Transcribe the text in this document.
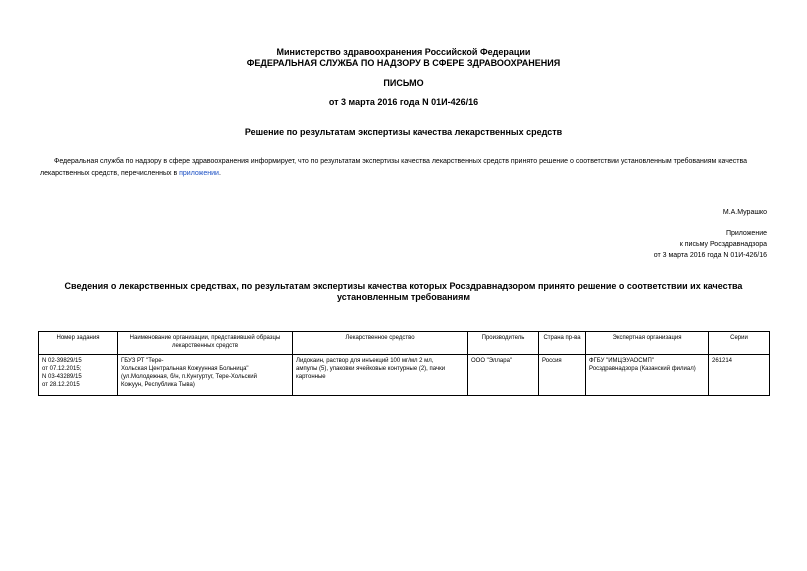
Министерство здравоохранения Российской Федерации
ФЕДЕРАЛЬНАЯ СЛУЖБА ПО НАДЗОРУ В СФЕРЕ ЗДРАВООХРАНЕНИЯ
ПИСЬМО
от 3 марта 2016 года N 01И-426/16
Решение по результатам экспертизы качества лекарственных средств
Федеральная служба по надзору в сфере здравоохранения информирует, что по результатам экспертизы качества лекарственных средств принято решение о соответствии установленным требованиям качества лекарственных средств, перечисленных в приложении.
М.А.Мурашко
Приложение
к письму Росздравнадзора
от 3 марта 2016 года N 01И-426/16
Сведения о лекарственных средствах, по результатам экспертизы качества которых Росздравнадзором принято решение о соответствии их качества установленным требованиям
Номер задания	Наименование организации, представившей образцы лекарственных средств	Лекарственное средство	Производитель	Страна пр-ва	Экспертная организация	Серии
N 02-39829/15
от 07.12.2015;
N 03-43289/15
от 28.12.2015	ГБУЗ РТ "Тере-
Хольская Центральная Кожуунная Больница"
(ул.Молодежная, б/н, п.Кунгуртуг, Тере-Хольский
Кожуун, Республика Тыва)	Лидокаин, раствор для инъекций 100 мг/мл 2 мл,
ампулы (5), упаковки ячейковые контурные (2), пачки
картонные	ООО "Эллара"	Россия	ФГБУ "ИМЦЭУАОСМП"
Росздравнадзора (Казанский филиал)	261214
